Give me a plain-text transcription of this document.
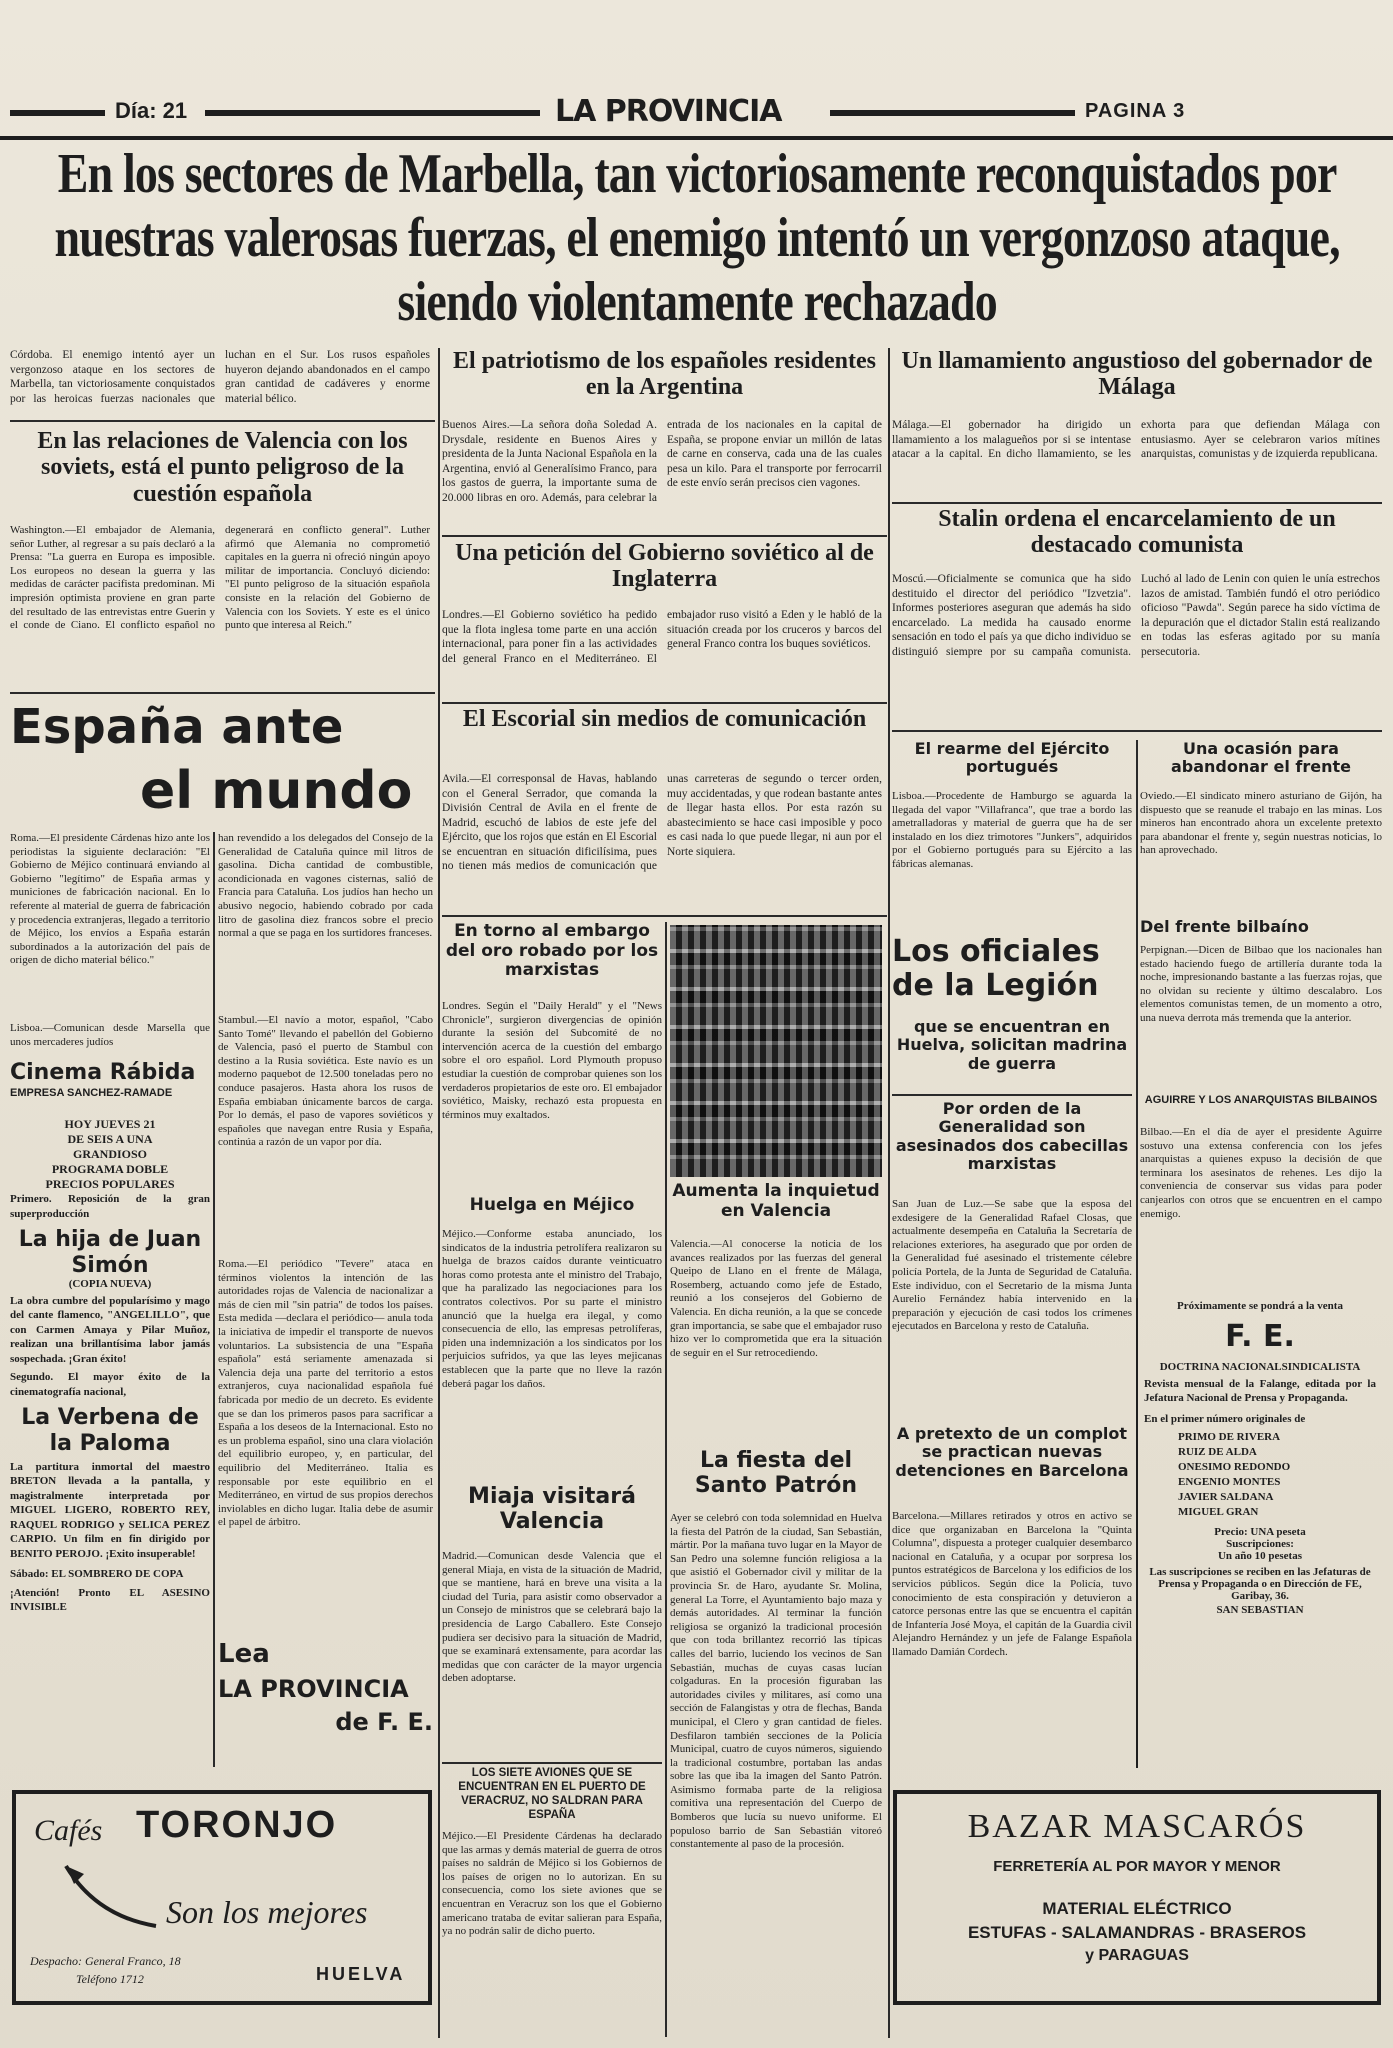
Día: 21	LA PROVINCIA	PAGINA 3
En los sectores de Marbella, tan victoriosamente reconquistados por nuestras valerosas fuerzas, el enemigo intentó un vergonzoso ataque, siendo violentamente rechazado
Córdoba. El enemigo intentó ayer un vergonzoso ataque en los sectores de Marbella, tan victoriosamente conquistados por las heroicas fuerzas nacionales que luchan en el Sur. Los rusos españoles huyeron dejando abandonados en el campo gran cantidad de cadáveres y enorme material bélico.
En las relaciones de Valencia con los soviets, está el punto peligroso de la cuestión española
Washington.—El embajador de Alemania, señor Luther, al regresar a su país declaró a la Prensa: "La guerra en Europa es imposible. Los europeos no desean la guerra y las medidas de carácter pacifista predominan. Mi impresión optimista proviene en gran parte del resultado de las entrevistas entre Guerin y el conde de Ciano. El conflicto español no degenerará en conflicto general". Luther afirmó que Alemania no comprometió capitales en la guerra ni ofreció ningún apoyo militar de importancia. Concluyó diciendo: "El punto peligroso de la situación española consiste en la relación del Gobierno de Valencia con los Soviets. Y este es el único punto que interesa al Reich."
España ante
el mundo
Roma.—El presidente Cárdenas hizo ante los periodistas la siguiente declaración: "El Gobierno de Méjico continuará enviando al Gobierno "legítimo" de España armas y municiones de fabricación nacional. En lo referente al material de guerra de fabricación y procedencia extranjeras, llegado a territorio de Méjico, los envíos a España estarán subordinados a la autorización del país de origen de dicho material bélico."
Lisboa.—Comunican desde Marsella que unos mercaderes judíos
han revendido a los delegados del Consejo de la Generalidad de Cataluña quince mil litros de gasolina. Dicha cantidad de combustible, acondicionada en vagones cisternas, salió de Francia para Cataluña. Los judíos han hecho un abusivo negocio, habiendo cobrado por cada litro de gasolina diez francos sobre el precio normal a que se paga en los surtidores franceses.
Stambul.—El navío a motor, español, "Cabo Santo Tomé" llevando el pabellón del Gobierno de Valencia, pasó el puerto de Stambul con destino a la Rusia soviética. Este navío es un moderno paquebot de 12.500 toneladas pero no conduce pasajeros. Hasta ahora los rusos de España embiaban únicamente barcos de carga. Por lo demás, el paso de vapores soviéticos y españoles que navegan entre Rusia y España, continúa a razón de un vapor por día.
Roma.—El periódico "Tevere" ataca en términos violentos la intención de las autoridades rojas de Valencia de nacionalizar a más de cien mil "sin patria" de todos los países. Esta medida —declara el periódico— anula toda la iniciativa de impedir el transporte de nuevos voluntarios. La subsistencia de una "España española" está seriamente amenazada si Valencia deja una parte del territorio a estos extranjeros, cuya nacionalidad española fué fabricada por medio de un decreto. Es evidente que se dan los primeros pasos para sacrificar a España a los deseos de la Internacional. Esto no es un problema español, sino una clara violación del equilibrio europeo, y, en particular, del equilibrio del Mediterráneo. Italia es responsable por este equilibrio en el Mediterráneo, en virtud de sus propios derechos inviolables en dicho lugar. Italia debe de asumir el papel de árbitro.
Cinema Rábida
EMPRESA SANCHEZ-RAMADE
HOY JUEVES 21
DE SEIS A UNA
GRANDIOSO
PROGRAMA DOBLE
PRECIOS POPULARES
Primero. Reposición de la gran superproducción
La hija de Juan Simón
(COPIA NUEVA)
La obra cumbre del popularísimo y mago del cante flamenco, "ANGELILLO", que con Carmen Amaya y Pilar Muñoz, realizan una brillantísima labor jamás sospechada. ¡Gran éxito!
Segundo. El mayor éxito de la cinematografía nacional,
La Verbena de la Paloma
La partitura inmortal del maestro BRETON llevada a la pantalla, y magistralmente interpretada por MIGUEL LIGERO, ROBERTO REY, RAQUEL RODRIGO y SELICA PEREZ CARPIO. Un film en fin dirigido por BENITO PEROJO. ¡Exito insuperable!
Sábado: EL SOMBRERO DE COPA
¡Atención! Pronto EL ASESINO INVISIBLE
Lea
LA PROVINCIA
de F. E.
Cafés TORONJO
Son los mejores
Despacho: General Franco, 18
Teléfono 1712	HUELVA
El patriotismo de los españoles residentes en la Argentina
Buenos Aires.—La señora doña Soledad A. Drysdale, residente en Buenos Aires y presidenta de la Junta Nacional Española en la Argentina, envió al Generalísimo Franco, para los gastos de guerra, la importante suma de 20.000 libras en oro. Además, para celebrar la entrada de los nacionales en la capital de España, se propone enviar un millón de latas de carne en conserva, cada una de las cuales pesa un kilo. Para el transporte por ferrocarril de este envío serán precisos cien vagones.
Una petición del Gobierno soviético al de Inglaterra
Londres.—El Gobierno soviético ha pedido que la flota inglesa tome parte en una acción internacional, para poner fin a las actividades del general Franco en el Mediterráneo. El embajador ruso visitó a Eden y le habló de la situación creada por los cruceros y barcos del general Franco contra los buques soviéticos.
El Escorial sin medios de comunicación
Avila.—El corresponsal de Havas, hablando con el General Serrador, que comanda la División Central de Avila en el frente de Madrid, escuchó de labios de este jefe del Ejército, que los rojos que están en El Escorial se encuentran en situación dificilísima, pues no tienen más medios de comunicación que unas carreteras de segundo o tercer orden, muy accidentadas, y que rodean bastante antes de llegar hasta ellos. Por esta razón su abastecimiento se hace casi imposible y poco es casi nada lo que puede llegar, ni aun por el Norte siquiera.
En torno al embargo del oro robado por los marxistas
Londres. Según el "Daily Herald" y el "News Chronicle", surgieron divergencias de opinión durante la sesión del Subcomité de no intervención acerca de la cuestión del embargo sobre el oro español. Lord Plymouth propuso estudiar la cuestión de comprobar quienes son los verdaderos propietarios de este oro. El embajador soviético, Maisky, rechazó esta propuesta en términos muy exaltados.
Huelga en Méjico
Méjico.—Conforme estaba anunciado, los sindicatos de la industria petrolífera realizaron su huelga de brazos caídos durante veinticuatro horas como protesta ante el ministro del Trabajo, que ha paralizado las negociaciones para los contratos colectivos. Por su parte el ministro anunció que la huelga era ilegal, y como consecuencia de ello, las empresas petrolíferas, piden una indemnización a los sindicatos por los perjuicios sufridos, ya que las leyes mejicanas establecen que la parte que no lleve la razón deberá pagar los daños.
Miaja visitará Valencia
Madrid.—Comunican desde Valencia que el general Miaja, en vista de la situación de Madrid, que se mantiene, hará en breve una visita a la ciudad del Turia, para asistir como observador a un Consejo de ministros que se celebrará bajo la presidencia de Largo Caballero. Este Consejo pudiera ser decisivo para la situación de Madrid, que se examinará extensamente, para acordar las medidas que con carácter de la mayor urgencia deben adoptarse.
LOS SIETE AVIONES QUE SE ENCUENTRAN EN EL PUERTO DE VERACRUZ, NO SALDRAN PARA ESPAÑA
Méjico.—El Presidente Cárdenas ha declarado que las armas y demás material de guerra de otros países no saldrán de Méjico si los Gobiernos de los países de origen no lo autorizan. En su consecuencia, como los siete aviones que se encuentran en Veracruz son los que el Gobierno americano trataba de evitar salieran para España, ya no podrán salir de dicho puerto.
Aumenta la inquietud en Valencia
Valencia.—Al conocerse la noticia de los avances realizados por las fuerzas del general Queipo de Llano en el frente de Málaga, Rosemberg, actuando como jefe de Estado, reunió a los consejeros del Gobierno de Valencia. En dicha reunión, a la que se concede gran importancia, se sabe que el embajador ruso hizo ver lo comprometida que era la situación de seguir en el Sur retrocediendo.
La fiesta del Santo Patrón
Ayer se celebró con toda solemnidad en Huelva la fiesta del Patrón de la ciudad, San Sebastián, mártir. Por la mañana tuvo lugar en la Mayor de San Pedro una solemne función religiosa a la que asistió el Gobernador civil y militar de la provincia Sr. de Haro, ayudante Sr. Molina, general La Torre, el Ayuntamiento bajo maza y demás autoridades. Al terminar la función religiosa se organizó la tradicional procesión que con toda brillantez recorrió las típicas calles del barrio, luciendo los vecinos de San Sebastián, muchas de cuyas casas lucían colgaduras. En la procesión figuraban las autoridades civiles y militares, así como una sección de Falangistas y otra de flechas, Banda municipal, el Clero y gran cantidad de fieles. Desfilaron también secciones de la Policía Municipal, cuatro de cuyos números, siguiendo la tradicional costumbre, portaban las andas sobre las que iba la imagen del Santo Patrón. Asimismo formaba parte de la religiosa comitiva una representación del Cuerpo de Bomberos que lucía su nuevo uniforme. El populoso barrio de San Sebastián vitoreó constantemente al paso de la procesión.
Un llamamiento angustioso del gobernador de Málaga
Málaga.—El gobernador ha dirigido un llamamiento a los malagueños por si se intentase atacar a la capital. En dicho llamamiento, se les exhorta para que defiendan Málaga con entusiasmo. Ayer se celebraron varios mítines anarquistas, comunistas y de izquierda republicana.
Stalin ordena el encarcelamiento de un destacado comunista
Moscú.—Oficialmente se comunica que ha sido destituido el director del periódico "Izvetzia". Informes posteriores aseguran que además ha sido encarcelado. La medida ha causado enorme sensación en todo el país ya que dicho individuo se distinguió siempre por su campaña comunista. Luchó al lado de Lenin con quien le unía estrechos lazos de amistad. También fundó el otro periódico oficioso "Pawda". Según parece ha sido víctima de la depuración que el dictador Stalin está realizando en todas las esferas agitado por su manía persecutoria.
El rearme del Ejército portugués
Lisboa.—Procedente de Hamburgo se aguarda la llegada del vapor "Villafranca", que trae a bordo las ametralladoras y material de guerra que ha de ser instalado en los diez trimotores "Junkers", adquiridos por el Gobierno portugués para su Ejército a las fábricas alemanas.
Una ocasión para abandonar el frente
Oviedo.—El sindicato minero asturiano de Gijón, ha dispuesto que se reanude el trabajo en las minas. Los mineros han encontrado ahora un excelente pretexto para abandonar el frente y, según nuestras noticias, lo han aprovechado.
Del frente bilbaíno
Perpignan.—Dicen de Bilbao que los nacionales han estado haciendo fuego de artillería durante toda la noche, impresionando bastante a las fuerzas rojas, que no olvidan su reciente y último descalabro. Los elementos comunistas temen, de un momento a otro, una nueva derrota más tremenda que la anterior.
AGUIRRE Y LOS ANARQUISTAS BILBAINOS
Bilbao.—En el día de ayer el presidente Aguirre sostuvo una extensa conferencia con los jefes anarquistas a quienes expuso la decisión de que terminara los asesinatos de rehenes. Les dijo la conveniencia de conservar sus vidas para poder canjearlos con otros que se encuentren en el campo enemigo.
Los oficiales de la Legión
que se encuentran en Huelva, solicitan madrina de guerra
Por orden de la Generalidad son asesinados dos cabecillas marxistas
San Juan de Luz.—Se sabe que la esposa del exdesigere de la Generalidad Rafael Closas, que actualmente desempeña en Cataluña la Secretaría de relaciones exteriores, ha asegurado que por orden de la Generalidad fué asesinado el tristemente célebre policía Portela, de la Junta de Seguridad de Cataluña. Este individuo, con el Secretario de la misma Junta Aurelio Fernández había intervenido en la preparación y ejecución de casi todos los crímenes ejecutados en Barcelona y resto de Cataluña.
A pretexto de un complot se practican nuevas detenciones en Barcelona
Barcelona.—Millares retirados y otros en activo se dice que organizaban en Barcelona la "Quinta Columna", dispuesta a proteger cualquier desembarco nacional en Cataluña, y a ocupar por sorpresa los puntos estratégicos de Barcelona y los edificios de los servicios públicos. Según dice la Policía, tuvo conocimiento de esta conspiración y detuvieron a catorce personas entre las que se encuentra el capitán de Infantería José Moya, el capitán de la Guardia civil Alejandro Hernández y un jefe de Falange Española llamado Damián Cordech.
Próximamente se pondrá a la venta
F. E.
DOCTRINA NACIONALSINDICALISTA
Revista mensual de la Falange, editada por la Jefatura Nacional de Prensa y Propaganda.
En el primer número originales de
PRIMO DE RIVERA
RUIZ DE ALDA
ONESIMO REDONDO
ENGENIO MONTES
JAVIER SALDANA
MIGUEL GRAN
Precio: UNA peseta
Suscripciones:
Un año 10 pesetas
Las suscripciones se reciben en las Jefaturas de Prensa y Propaganda o en Dirección de FE, Garibay, 36.
SAN SEBASTIAN
BAZAR MASCARÓS
FERRETERÍA AL POR MAYOR Y MENOR
MATERIAL ELÉCTRICO
ESTUFAS - SALAMANDRAS - BRASEROS
y PARAGUAS
